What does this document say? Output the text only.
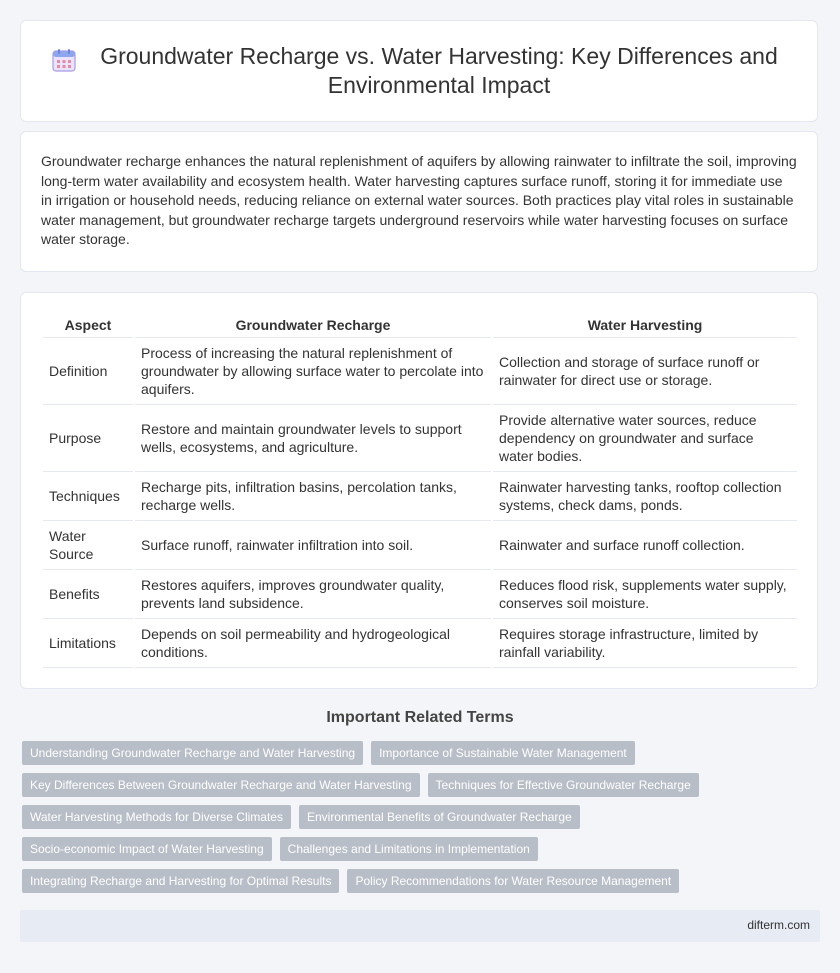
Groundwater Recharge vs. Water Harvesting: Key Differences and Environmental Impact

Groundwater recharge enhances the natural replenishment of aquifers by allowing rainwater to infiltrate the soil, improving long-term water availability and ecosystem health. Water harvesting captures surface runoff, storing it for immediate use in irrigation or household needs, reducing reliance on external water sources. Both practices play vital roles in sustainable water management, but groundwater recharge targets underground reservoirs while water harvesting focuses on surface water storage.

Aspect	Groundwater Recharge	Water Harvesting
Definition	Process of increasing the natural replenishment of groundwater by allowing surface water to percolate into aquifers.	Collection and storage of surface runoff or rainwater for direct use or storage.
Purpose	Restore and maintain groundwater levels to support wells, ecosystems, and agriculture.	Provide alternative water sources, reduce dependency on groundwater and surface water bodies.
Techniques	Recharge pits, infiltration basins, percolation tanks, recharge wells.	Rainwater harvesting tanks, rooftop collection systems, check dams, ponds.
Water Source	Surface runoff, rainwater infiltration into soil.	Rainwater and surface runoff collection.
Benefits	Restores aquifers, improves groundwater quality, prevents land subsidence.	Reduces flood risk, supplements water supply, conserves soil moisture.
Limitations	Depends on soil permeability and hydrogeological conditions.	Requires storage infrastructure, limited by rainfall variability.
Important Related Terms
Understanding Groundwater Recharge and Water Harvesting	Importance of Sustainable Water Management
Key Differences Between Groundwater Recharge and Water Harvesting	Techniques for Effective Groundwater Recharge
Water Harvesting Methods for Diverse Climates	Environmental Benefits of Groundwater Recharge
Socio-economic Impact of Water Harvesting	Challenges and Limitations in Implementation
Integrating Recharge and Harvesting for Optimal Results	Policy Recommendations for Water Resource Management
difterm.com
